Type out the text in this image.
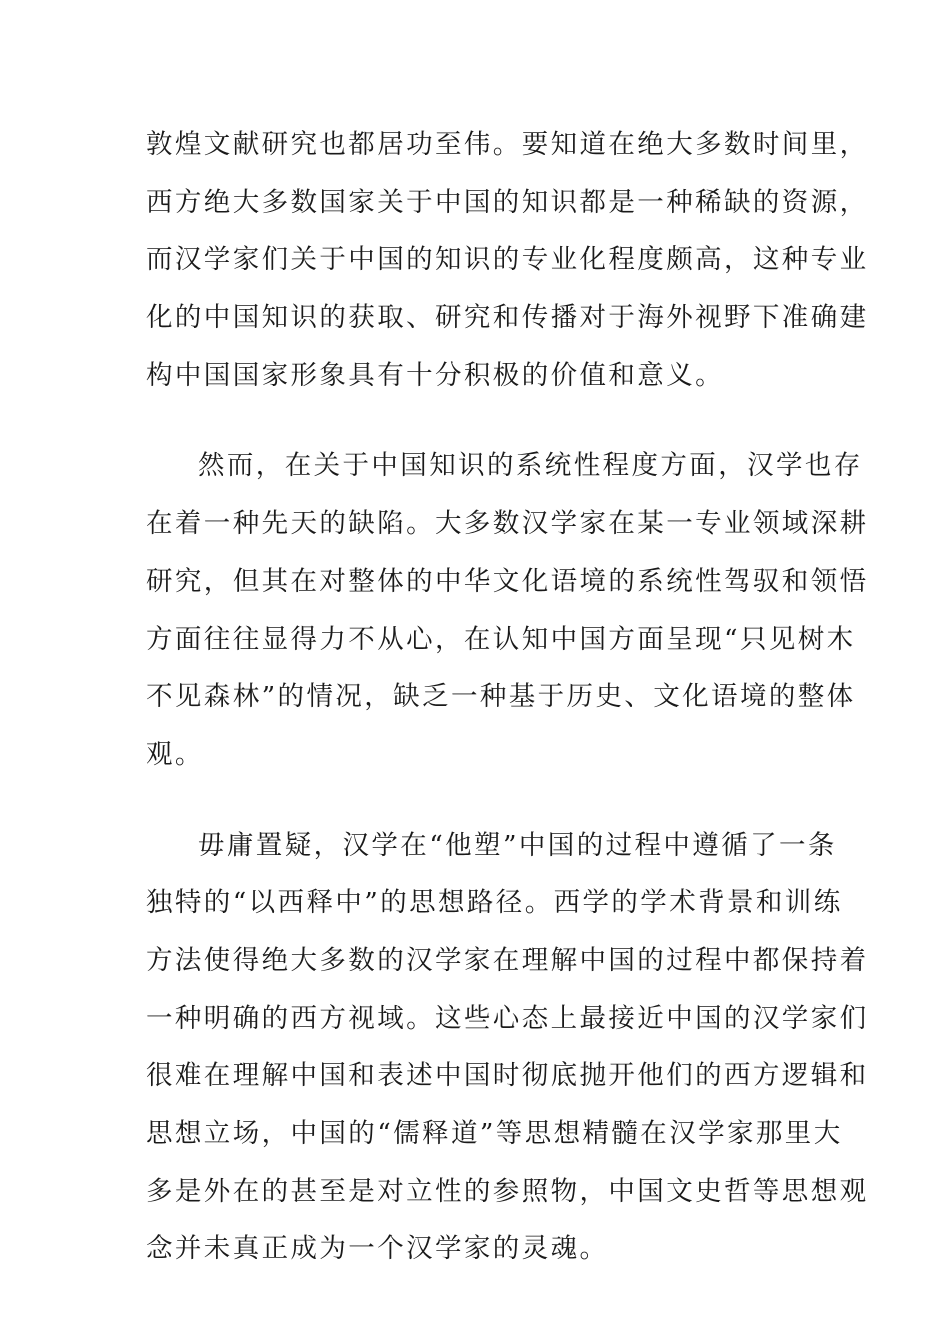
敦煌文献研究也都居功至伟。要知道在绝大多数时间里，
西方绝大多数国家关于中国的知识都是一种稀缺的资源，
而汉学家们关于中国的知识的专业化程度颇高，这种专业
化的中国知识的获取、研究和传播对于海外视野下准确建
构中国国家形象具有十分积极的价值和意义。
然而，在关于中国知识的系统性程度方面，汉学也存
在着一种先天的缺陷。大多数汉学家在某一专业领域深耕
研究，但其在对整体的中华文化语境的系统性驾驭和领悟
方面往往显得力不从心，在认知中国方面呈现“只见树木
不见森林”的情况，缺乏一种基于历史、文化语境的整体
观。
毋庸置疑，汉学在“他塑”中国的过程中遵循了一条
独特的“以西释中”的思想路径。西学的学术背景和训练
方法使得绝大多数的汉学家在理解中国的过程中都保持着
一种明确的西方视域。这些心态上最接近中国的汉学家们
很难在理解中国和表述中国时彻底抛开他们的西方逻辑和
思想立场，中国的“儒释道”等思想精髓在汉学家那里大
多是外在的甚至是对立性的参照物，中国文史哲等思想观
念并未真正成为一个汉学家的灵魂。
